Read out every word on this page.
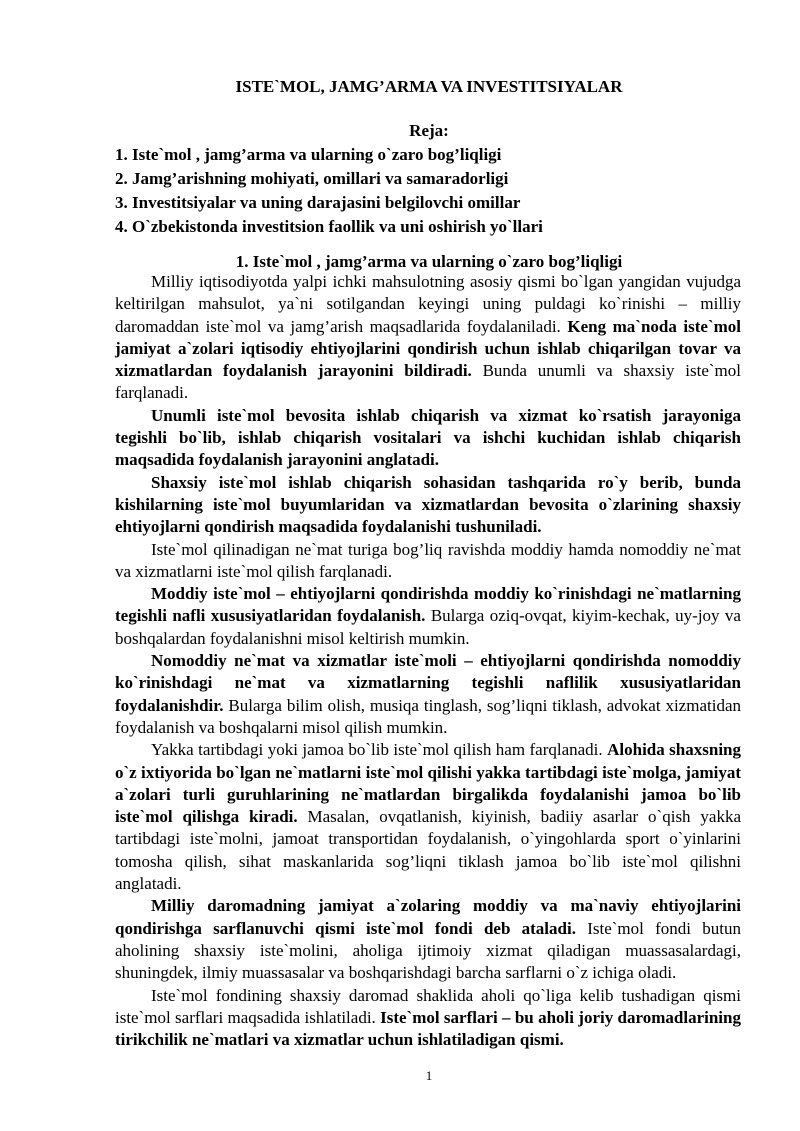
ISTE`MOL, JAMG’ARMA VA INVESTITSIYALAR
Reja:
1. Iste`mol , jamg’arma va ularning o`zaro bog’liqligi
2. Jamg’arishning mohiyati, omillari va samaradorligi
3. Investitsiyalar va uning darajasini belgilovchi omillar
4. O`zbekistonda investitsion faollik va uni oshirish yo`llari
1. Iste`mol , jamg’arma va ularning o`zaro bog’liqligi

Milliy iqtisodiyotda yalpi ichki mahsulotning asosiy qismi bo`lgan yangidan vujudga keltirilgan mahsulot, ya`ni sotilgandan keyingi uning puldagi ko`rinishi – milliy daromaddan iste`mol va jamg’arish maqsadlarida foydalaniladi. Keng ma`noda iste`mol jamiyat a`zolari iqtisodiy ehtiyojlarini qondirish uchun ishlab chiqarilgan tovar va xizmatlardan foydalanish jarayonini bildiradi. Bunda unumli va shaxsiy iste`mol farqlanadi.

Unumli iste`mol bevosita ishlab chiqarish va xizmat ko`rsatish jarayoniga tegishli bo`lib, ishlab chiqarish vositalari va ishchi kuchidan ishlab chiqarish maqsadida foydalanish jarayonini anglatadi.

Shaxsiy iste`mol ishlab chiqarish sohasidan tashqarida ro`y berib, bunda kishilarning iste`mol buyumlaridan va xizmatlardan bevosita o`zlarining shaxsiy ehtiyojlarni qondirish maqsadida foydalanishi tushuniladi.

Iste`mol qilinadigan ne`mat turiga bog’liq ravishda moddiy hamda nomoddiy ne`mat va xizmatlarni iste`mol qilish farqlanadi.

Moddiy iste`mol – ehtiyojlarni qondirishda moddiy ko`rinishdagi ne`matlarning tegishli nafli xususiyatlaridan foydalanish. Bularga oziq-ovqat, kiyim-kechak, uy-joy va boshqalardan foydalanishni misol keltirish mumkin.

Nomoddiy ne`mat va xizmatlar iste`moli – ehtiyojlarni qondirishda nomoddiy ko`rinishdagi ne`mat va xizmatlarning tegishli naflilik xususiyatlaridan foydalanishdir. Bularga bilim olish, musiqa tinglash, sog’liqni tiklash, advokat xizmatidan foydalanish va boshqalarni misol qilish mumkin.

Yakka tartibdagi yoki jamoa bo`lib iste`mol qilish ham farqlanadi. Alohida shaxsning o`z ixtiyorida bo`lgan ne`matlarni iste`mol qilishi yakka tartibdagi iste`molga, jamiyat a`zolari turli guruhlarining ne`matlardan birgalikda foydalanishi jamoa bo`lib iste`mol qilishga kiradi. Masalan, ovqatlanish, kiyinish, badiiy asarlar o`qish yakka tartibdagi iste`molni, jamoat transportidan foydalanish, o`yingohlarda sport o`yinlarini tomosha qilish, sihat maskanlarida sog’liqni tiklash jamoa bo`lib iste`mol qilishni anglatadi.

Milliy daromadning jamiyat a`zolaring moddiy va ma`naviy ehtiyojlarini qondirishga sarflanuvchi qismi iste`mol fondi deb ataladi. Iste`mol fondi butun aholining shaxsiy iste`molini, aholiga ijtimoiy xizmat qiladigan muassasalardagi, shuningdek, ilmiy muassasalar va boshqarishdagi barcha sarflarni o`z ichiga oladi.

Iste`mol fondining shaxsiy daromad shaklida aholi qo`liga kelib tushadigan qismi iste`mol sarflari maqsadida ishlatiladi. Iste`mol sarflari – bu aholi joriy daromadlarining tirikchilik ne`matlari va xizmatlar uchun ishlatiladigan qismi.

1
